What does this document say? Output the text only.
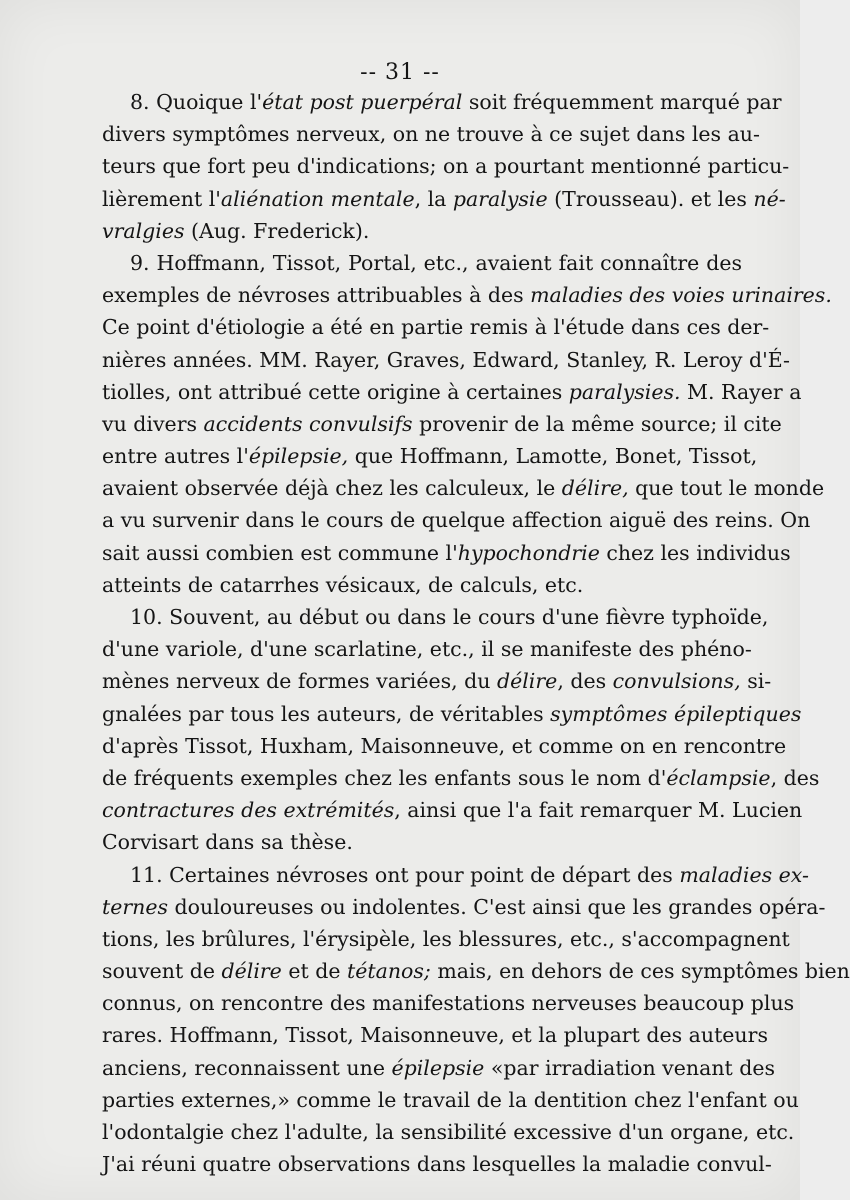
-- 31 --
8. Quoique l'état post puerpéral soit fréquemment marqué par
divers symptômes nerveux, on ne trouve à ce sujet dans les au-
teurs que fort peu d'indications; on a pourtant mentionné particu-
lièrement l'aliénation mentale, la paralysie (Trousseau). et les né-
vralgies (Aug. Frederick).
9. Hoffmann, Tissot, Portal, etc., avaient fait connaître des
exemples de névroses attribuables à des maladies des voies urinaires.
Ce point d'étiologie a été en partie remis à l'étude dans ces der-
nières années. MM. Rayer, Graves, Edward, Stanley, R. Leroy d'É-
tiolles, ont attribué cette origine à certaines paralysies. M. Rayer a
vu divers accidents convulsifs provenir de la même source; il cite
entre autres l'épilepsie, que Hoffmann, Lamotte, Bonet, Tissot,
avaient observée déjà chez les calculeux, le délire, que tout le monde
a vu survenir dans le cours de quelque affection aiguë des reins. On
sait aussi combien est commune l'hypochondrie chez les individus
atteints de catarrhes vésicaux, de calculs, etc.
10. Souvent, au début ou dans le cours d'une fièvre typhoïde,
d'une variole, d'une scarlatine, etc., il se manifeste des phéno-
mènes nerveux de formes variées, du délire, des convulsions, si-
gnalées par tous les auteurs, de véritables symptômes épileptiques
d'après Tissot, Huxham, Maisonneuve, et comme on en rencontre
de fréquents exemples chez les enfants sous le nom d'éclampsie, des
contractures des extrémités, ainsi que l'a fait remarquer M. Lucien
Corvisart dans sa thèse.
11. Certaines névroses ont pour point de départ des maladies ex-
ternes douloureuses ou indolentes. C'est ainsi que les grandes opéra-
tions, les brûlures, l'érysipèle, les blessures, etc., s'accompagnent
souvent de délire et de tétanos; mais, en dehors de ces symptômes bien
connus, on rencontre des manifestations nerveuses beaucoup plus
rares. Hoffmann, Tissot, Maisonneuve, et la plupart des auteurs
anciens, reconnaissent une épilepsie «par irradiation venant des
parties externes,» comme le travail de la dentition chez l'enfant ou
l'odontalgie chez l'adulte, la sensibilité excessive d'un organe, etc.
J'ai réuni quatre observations dans lesquelles la maladie convul-
